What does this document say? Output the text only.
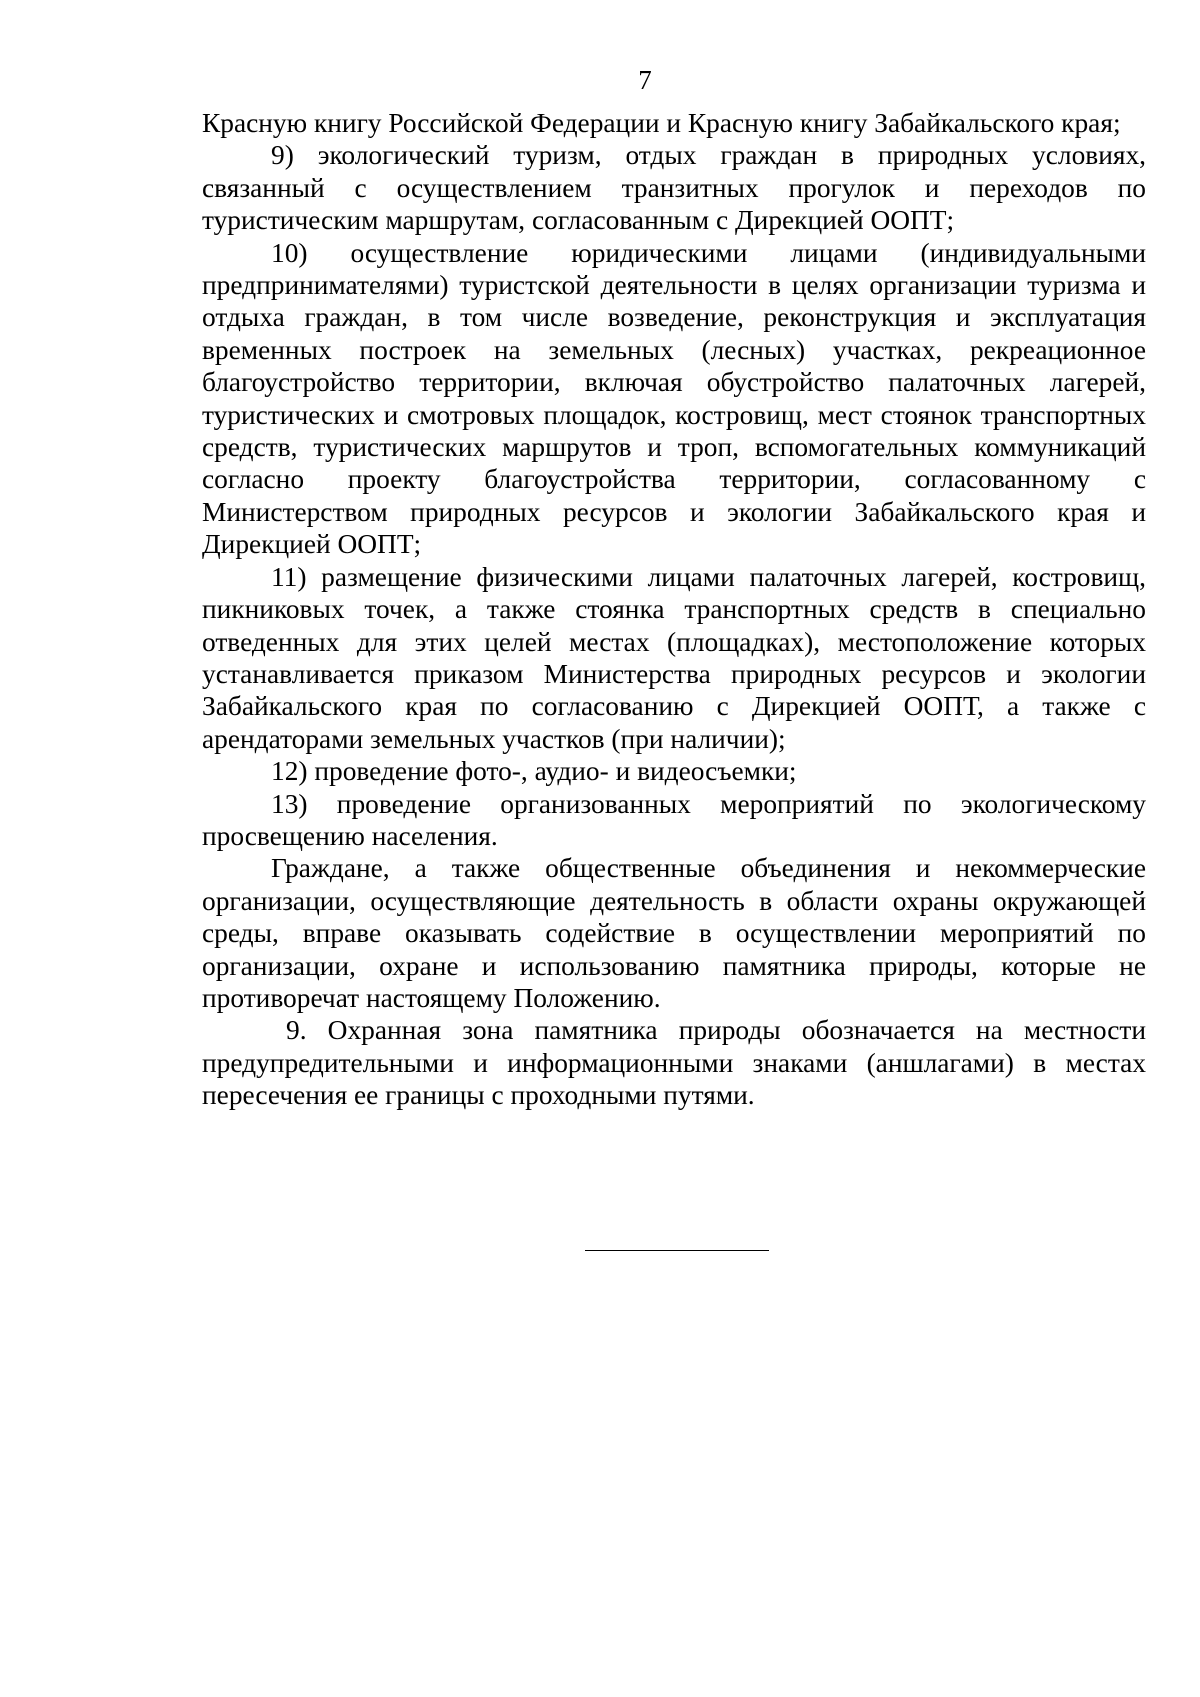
7

Красную книгу Российской Федерации и Красную книгу Забайкальского края;

9) экологический туризм, отдых граждан в природных условиях, связанный с осуществлением транзитных прогулок и переходов по туристическим маршрутам, согласованным с Дирекцией ООПТ;

10) осуществление юридическими лицами (индивидуальными предпринимателями) туристской деятельности в целях организации туризма и отдыха граждан, в том числе возведение, реконструкция и эксплуатация временных построек на земельных (лесных) участках, рекреационное благоустройство территории, включая обустройство палаточных лагерей, туристических и смотровых площадок, костровищ, мест стоянок транспортных средств, туристических маршрутов и троп, вспомогательных коммуникаций согласно проекту благоустройства территории, согласованному с Министерством природных ресурсов и экологии Забайкальского края и Дирекцией ООПТ;

11) размещение физическими лицами палаточных лагерей, костровищ, пикниковых точек, а также стоянка транспортных средств в специально отведенных для этих целей местах (площадках), местоположение которых устанавливается приказом Министерства природных ресурсов и экологии Забайкальского края по согласованию с Дирекцией ООПТ, а также с арендаторами земельных участков (при наличии);

12) проведение фото-, аудио- и видеосъемки;

13) проведение организованных мероприятий по экологическому просвещению населения.

Граждане, а также общественные объединения и некоммерческие организации, осуществляющие деятельность в области охраны окружающей среды, вправе оказывать содействие в осуществлении мероприятий по организации, охране и использованию памятника природы, которые не противоречат настоящему Положению.

9. Охранная зона памятника природы обозначается на местности предупредительными и информационными знаками (аншлагами) в местах пересечения ее границы с проходными путями.
